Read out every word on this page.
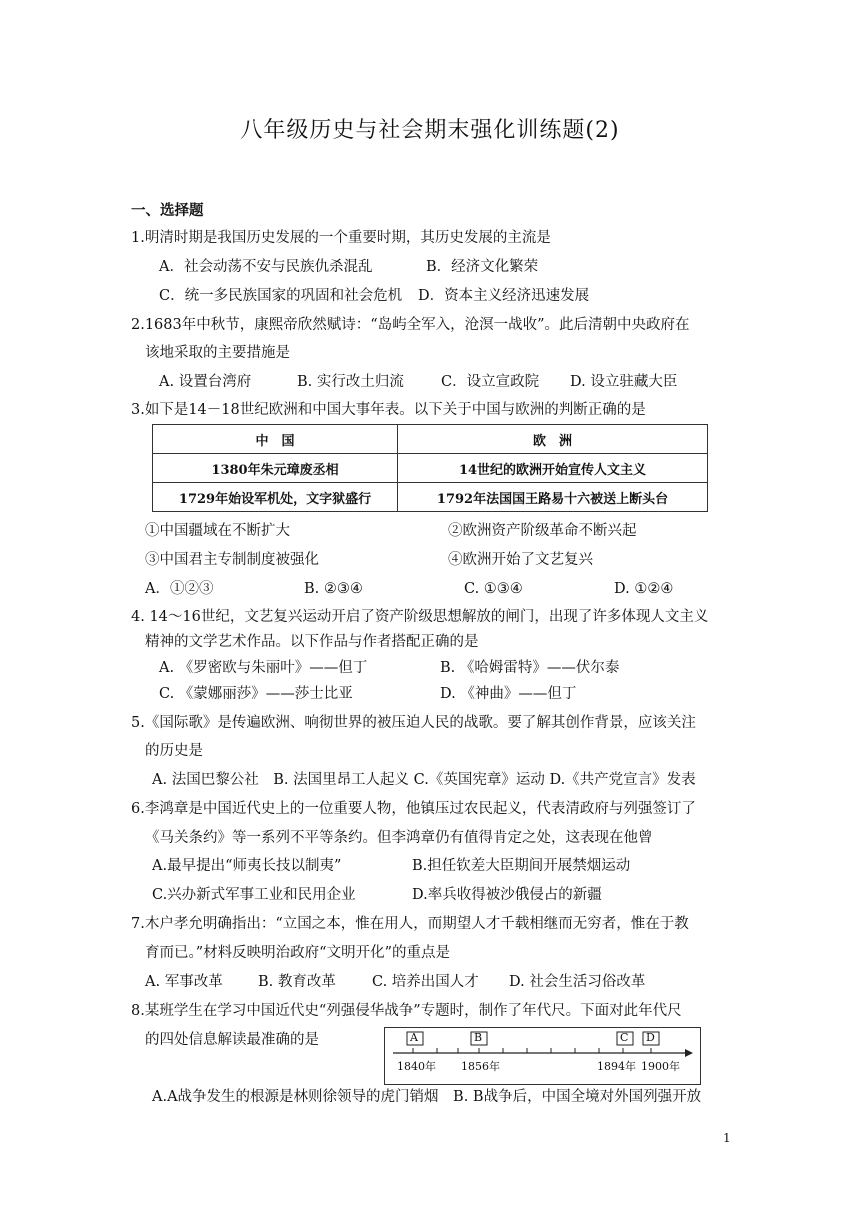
八年级历史与社会期末强化训练题(2)
一、选择题
1.明清时期是我国历史发展的一个重要时期，其历史发展的主流是
A．社会动荡不安与民族仇杀混乱	B．经济文化繁荣
C．统一多民族国家的巩固和社会危机 D．资本主义经济迅速发展
2.1683年中秋节，康熙帝欣然赋诗：“岛屿全军入，沧溟一战收”。此后清朝中央政府在
该地采取的主要措施是
A. 设置台湾府	B. 实行改土归流	C．设立宣政院 D. 设立驻藏大臣
3.如下是14－18世纪欧洲和中国大事年表。以下关于中国与欧洲的判断正确的是
中　国	欧　洲
1380年朱元璋废丞相	14世纪的欧洲开始宣传人文主义
1729年始设军机处，文字狱盛行	1792年法国国王路易十六被送上断头台
①中国疆域在不断扩大	②欧洲资产阶级革命不断兴起
③中国君主专制制度被强化	④欧洲开始了文艺复兴
A．①②③	B. ②③④	C. ①③④	D. ①②④
4. 14～16世纪，文艺复兴运动开启了资产阶级思想解放的闸门，出现了许多体现人文主义
精神的文学艺术作品。以下作品与作者搭配正确的是
A. 《罗密欧与朱丽叶》——但丁	B. 《哈姆雷特》——伏尔泰
C. 《蒙娜丽莎》——莎士比亚	D. 《神曲》——但丁
5.《国际歌》是传遍欧洲、响彻世界的被压迫人民的战歌。要了解其创作背景，应该关注
的历史是
A. 法国巴黎公社　B. 法国里昂工人起义 C.《英国宪章》运动 D.《共产党宣言》发表
6.李鸿章是中国近代史上的一位重要人物，他镇压过农民起义，代表清政府与列强签订了
《马关条约》等一系列不平等条约。但李鸿章仍有值得肯定之处，这表现在他曾
A.最早提出“师夷长技以制夷”	B.担任钦差大臣期间开展禁烟运动
C.兴办新式军事工业和民用企业	D.率兵收得被沙俄侵占的新疆
7.木户孝允明确指出：“立国之本，惟在用人，而期望人才千载相继而无穷者，惟在于教
育而已。”材料反映明治政府“文明开化”的重点是
A. 军事改革 B. 教育改革 C. 培养出国人才 D. 社会生活习俗改革
8.某班学生在学习中国近代史“列强侵华战争”专题时，制作了年代尺。下面对此年代尺
的四处信息解读最准确的是	A	B	C D
1840年 1856年	1894年 1900年
A.A战争发生的根源是林则徐领导的虎门销烟　B. B战争后，中国全境对外国列强开放
1
